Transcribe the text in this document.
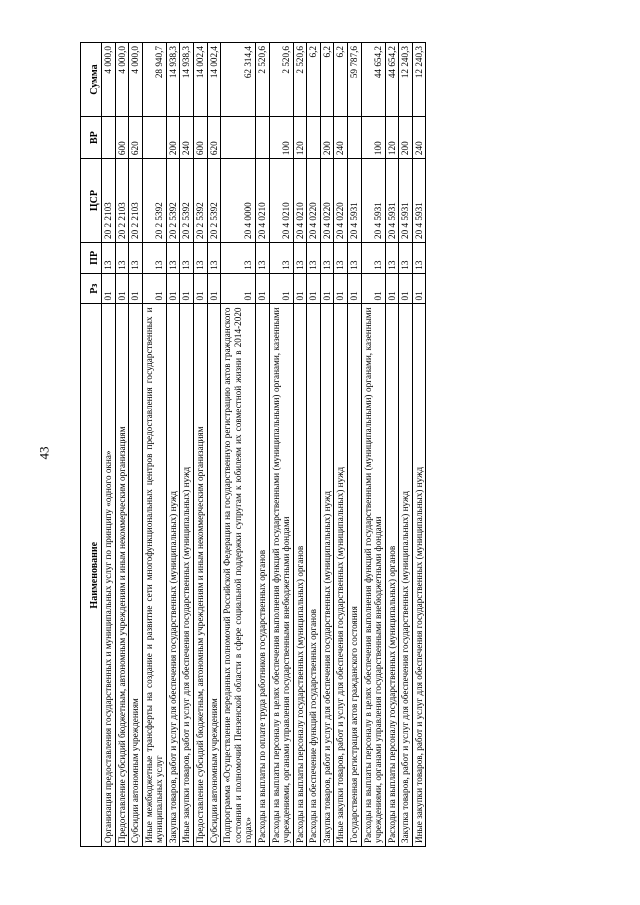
43
Наименование	Рз	ПР	ЦСР	ВР	Сумма
Организация предоставления государственных и муниципальных услуг по принципу «одного окна»	01	13	20 2 2103		4 000,0
Предоставление субсидий бюджетным, автономным учреждениям и иным некоммерческим организациям	01	13	20 2 2103	600	4 000,0
Субсидии автономным учреждениям	01	13	20 2 2103	620	4 000,0
Иные межбюджетные трансферты на создание и развитие сети многофункциональных центров предоставления государственных и муниципальных услуг	01	13	20 2 5392		28 940,7
Закупка товаров, работ и услуг для обеспечения государственных (муниципальных) нужд	01	13	20 2 5392	200	14 938,3
Иные закупки товаров, работ и услуг для обеспечения государственных (муниципальных) нужд	01	13	20 2 5392	240	14 938,3
Предоставление субсидий бюджетным, автономным учреждениям и иным некоммерческим организациям	01	13	20 2 5392	600	14 002,4
Субсидии автономным учреждениям	01	13	20 2 5392	620	14 002,4
Подпрограмма «Осуществление переданных полномочий Российской Федерации на государственную регистрацию актов гражданского состояния и полномочий Пензенской области в сфере социальной поддержки супругам к юбилеям их совместной жизни в 2014-2020 годах»	01	13	20 4 0000		62 314,4
Расходы на выплаты по оплате труда работников государственных органов	01	13	20 4 0210		2 520,6
Расходы на выплаты персоналу в целях обеспечения выполнения функций государственными (муниципальными) органами, казенными учреждениями, органами управления государственными внебюджетными фондами	01	13	20 4 0210	100	2 520,6
Расходы на выплаты персоналу государственных (муниципальных) органов	01	13	20 4 0210	120	2 520,6
Расходы на обеспечение функций государственных органов	01	13	20 4 0220		6,2
Закупка товаров, работ и услуг для обеспечения государственных (муниципальных) нужд	01	13	20 4 0220	200	6,2
Иные закупки товаров, работ и услуг для обеспечения государственных (муниципальных) нужд	01	13	20 4 0220	240	6,2
Государственная регистрация актов гражданского состояния	01	13	20 4 5931		59 787,6
Расходы на выплаты персоналу в целях обеспечения выполнения функций государственными (муниципальными) органами, казенными учреждениями, органами управления государственными внебюджетными фондами	01	13	20 4 5931	100	44 654,2
Расходы на выплаты персоналу государственных (муниципальных) органов	01	13	20 4 5931	120	44 654,2
Закупка товаров, работ и услуг для обеспечения государственных (муниципальных) нужд	01	13	20 4 5931	200	12 240,3
Иные закупки товаров, работ и услуг для обеспечения государственных (муниципальных) нужд	01	13	20 4 5931	240	12 240,3
